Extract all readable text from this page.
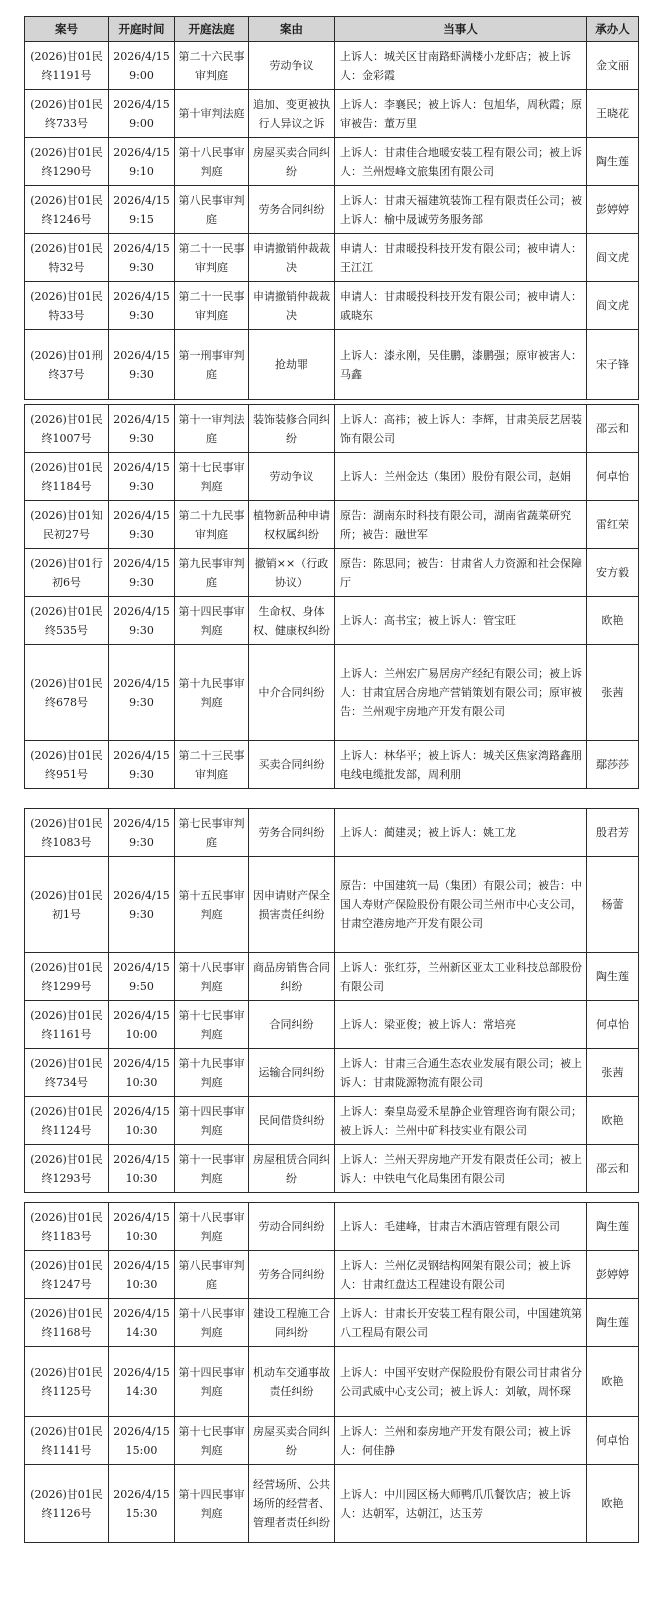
案号	开庭时间	开庭法庭	案由	当事人	承办人
(2026)甘01民终1191号	2026/4/15 9:00	第二十六民事审判庭	劳动争议	上诉人：城关区甘南路虾满楼小龙虾店；被上诉人：金彩霞	金文丽
(2026)甘01民终733号	2026/4/15 9:00	第十审判法庭	追加、变更被执行人异议之诉	上诉人：李襄民；被上诉人：包旭华，周秋霞；原审被告：董万里	王晓花
(2026)甘01民终1290号	2026/4/15 9:10	第十八民事审判庭	房屋买卖合同纠纷	上诉人：甘肃佳合地暖安装工程有限公司；被上诉人：兰州煜峰文旅集团有限公司	陶生莲
(2026)甘01民终1246号	2026/4/15 9:15	第八民事审判庭	劳务合同纠纷	上诉人：甘肃天福建筑装饰工程有限责任公司；被上诉人：榆中晟诚劳务服务部	彭婷婷
(2026)甘01民特32号	2026/4/15 9:30	第二十一民事审判庭	申请撤销仲裁裁决	申请人：甘肃暖投科技开发有限公司；被申请人：王江江	阎文虎
(2026)甘01民特33号	2026/4/15 9:30	第二十一民事审判庭	申请撤销仲裁裁决	申请人：甘肃暖投科技开发有限公司；被申请人：戚晓东	阎文虎
(2026)甘01刑终37号	2026/4/15 9:30	第一刑事审判庭	抢劫罪	上诉人：漆永刚，吴佳鹏，漆鹏强；原审被害人：马鑫	宋子锋
(2026)甘01民终1007号	2026/4/15 9:30	第十一审判法庭	装饰装修合同纠纷	上诉人：高祎；被上诉人：李辉，甘肃美辰艺居装饰有限公司	邵云和
(2026)甘01民终1184号	2026/4/15 9:30	第十七民事审判庭	劳动争议	上诉人：兰州金达（集团）股份有限公司，赵娟	何卓怡
(2026)甘01知民初27号	2026/4/15 9:30	第二十九民事审判庭	植物新品种申请权权属纠纷	原告：湖南东时科技有限公司，湖南省蔬菜研究所；被告：融世军	雷红荣
(2026)甘01行初6号	2026/4/15 9:30	第九民事审判庭	撤销××（行政协议）	原告：陈思同；被告：甘肃省人力资源和社会保障厅	安方毅
(2026)甘01民终535号	2026/4/15 9:30	第十四民事审判庭	生命权、身体权、健康权纠纷	上诉人：高书宝；被上诉人：管宝旺	欧艳
(2026)甘01民终678号	2026/4/15 9:30	第十九民事审判庭	中介合同纠纷	上诉人：兰州宏广易居房产经纪有限公司；被上诉人：甘肃宜居合房地产营销策划有限公司；原审被告：兰州观宇房地产开发有限公司	张茜
(2026)甘01民终951号	2026/4/15 9:30	第二十三民事审判庭	买卖合同纠纷	上诉人：林华平；被上诉人：城关区焦家湾路鑫朋电线电缆批发部，周利朋	鄢莎莎
(2026)甘01民终1083号	2026/4/15 9:30	第七民事审判庭	劳务合同纠纷	上诉人：蔺建灵；被上诉人：姚工龙	殷君芳
(2026)甘01民初1号	2026/4/15 9:30	第十五民事审判庭	因申请财产保全损害责任纠纷	原告：中国建筑一局（集团）有限公司；被告：中国人寿财产保险股份有限公司兰州市中心支公司，甘肃空港房地产开发有限公司	杨蕾
(2026)甘01民终1299号	2026/4/15 9:50	第十八民事审判庭	商品房销售合同纠纷	上诉人：张红芬，兰州新区亚太工业科技总部股份有限公司	陶生莲
(2026)甘01民终1161号	2026/4/15 10:00	第十七民事审判庭	合同纠纷	上诉人：梁亚俊；被上诉人：常培亮	何卓怡
(2026)甘01民终734号	2026/4/15 10:30	第十九民事审判庭	运输合同纠纷	上诉人：甘肃三合通生态农业发展有限公司；被上诉人：甘肃陇源物流有限公司	张茜
(2026)甘01民终1124号	2026/4/15 10:30	第十四民事审判庭	民间借贷纠纷	上诉人：秦皇岛爱禾星静企业管理咨询有限公司；被上诉人：兰州中矿科技实业有限公司	欧艳
(2026)甘01民终1293号	2026/4/15 10:30	第十一民事审判庭	房屋租赁合同纠纷	上诉人：兰州天羿房地产开发有限责任公司；被上诉人：中铁电气化局集团有限公司	邵云和
(2026)甘01民终1183号	2026/4/15 10:30	第十八民事审判庭	劳动合同纠纷	上诉人：毛建峰，甘肃吉木酒店管理有限公司	陶生莲
(2026)甘01民终1247号	2026/4/15 10:30	第八民事审判庭	劳务合同纠纷	上诉人：兰州亿灵钢结构网架有限公司；被上诉人：甘肃红盘达工程建设有限公司	彭婷婷
(2026)甘01民终1168号	2026/4/15 14:30	第十八民事审判庭	建设工程施工合同纠纷	上诉人：甘肃长开安装工程有限公司，中国建筑第八工程局有限公司	陶生莲
(2026)甘01民终1125号	2026/4/15 14:30	第十四民事审判庭	机动车交通事故责任纠纷	上诉人：中国平安财产保险股份有限公司甘肃省分公司武威中心支公司；被上诉人：刘敏，周怀琛	欧艳
(2026)甘01民终1141号	2026/4/15 15:00	第十七民事审判庭	房屋买卖合同纠纷	上诉人：兰州和泰房地产开发有限公司；被上诉人：何佳静	何卓怡
(2026)甘01民终1126号	2026/4/15 15:30	第十四民事审判庭	经营场所、公共场所的经营者、管理者责任纠纷	上诉人：中川园区杨大师鸭爪爪餐饮店；被上诉人：达朝军，达朝江，达玉芳	欧艳
